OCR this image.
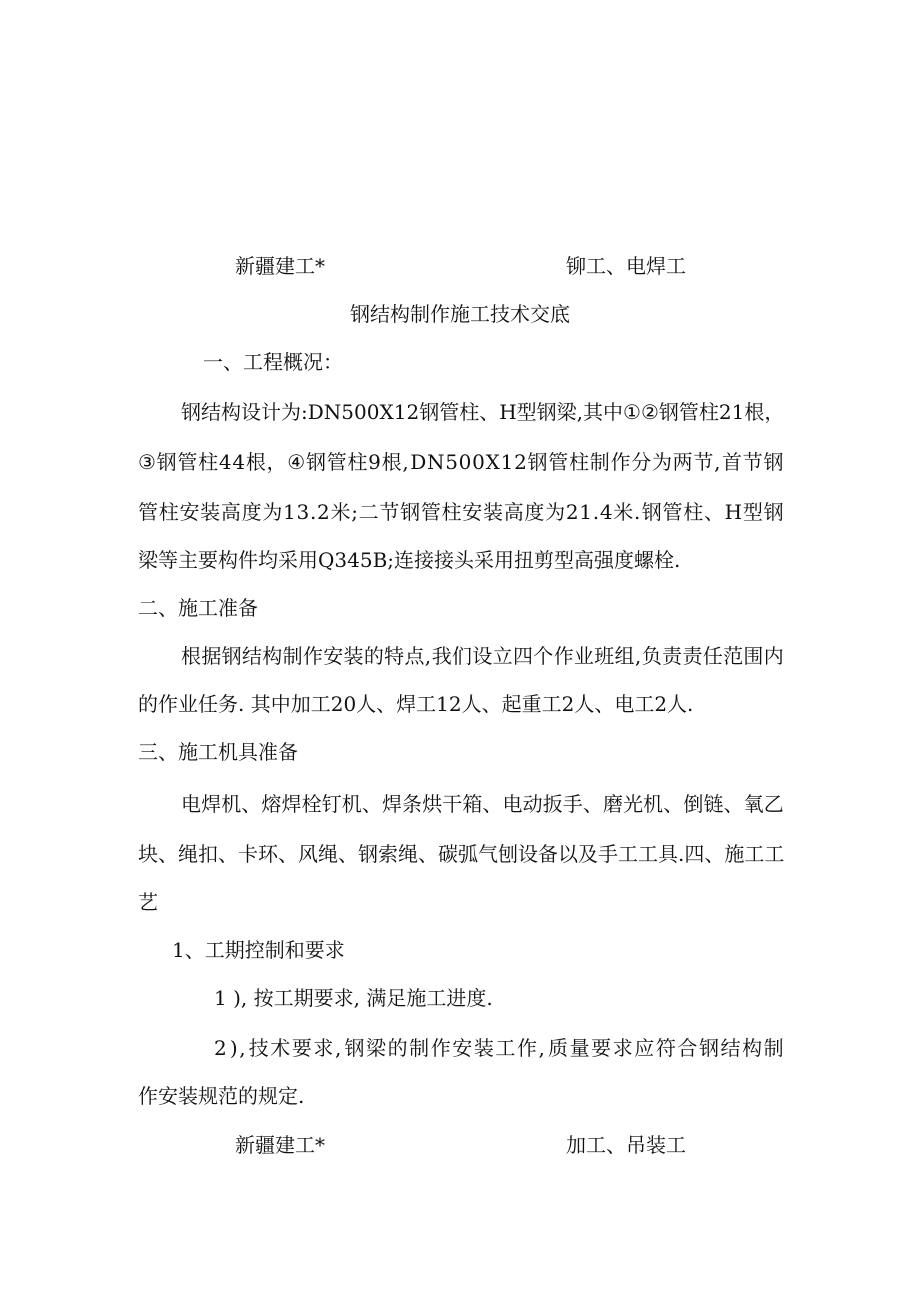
新疆建工*	铆工、电焊工
钢结构制作施工技术交底
一、工程概况：
钢 结 构 设 计 为 : D N 5 0 0 X 1 2 钢 管 柱 、 H 型 钢 梁 , 其 中 ① ② 钢 管 柱 2 1 根 ，
③ 钢 管 柱 4 4 根 ， ④ 钢 管 柱 9 根 , D N 5 0 0 X 1 2 钢 管 柱 制 作 分 为 两 节 , 首 节 钢
管 柱 安 装 高 度 为 1 3 . 2 米 ; 二 节 钢 管 柱 安 装 高 度 为 2 1 . 4 米 . 钢 管 柱 、 H 型 钢
梁等主要构件均采用Q345B;连接接头采用扭剪型高强度螺栓.
二、施工准备
根 据 钢 结 构 制 作 安 装 的 特 点 , 我 们 设 立 四 个 作 业 班 组 , 负 责 责 任 范 围 内
的作业任务. 其中加工20人、焊工12人、起重工2人、电工2人.
三、施工机具准备
电 焊 机 、 熔 焊 栓 钉 机 、 焊 条 烘 干 箱 、 电 动 扳 手 、 磨 光 机 、 倒 链 、 氧 乙
块 、 绳 扣 、 卡 环 、 风 绳 、 钢 索 绳 、 碳 弧 气 刨 设 备 以 及 手 工 工 具 . 四 、 施 工 工
艺
1、工期控制和要求
1 ), 按工期要求, 满足施工进度.
2 ) , 技 术 要 求 , 钢 梁 的 制 作 安 装 工 作 , 质 量 要 求 应 符 合 钢 结 构 制
作安装规范的规定.
新疆建工*	加工、吊装工
